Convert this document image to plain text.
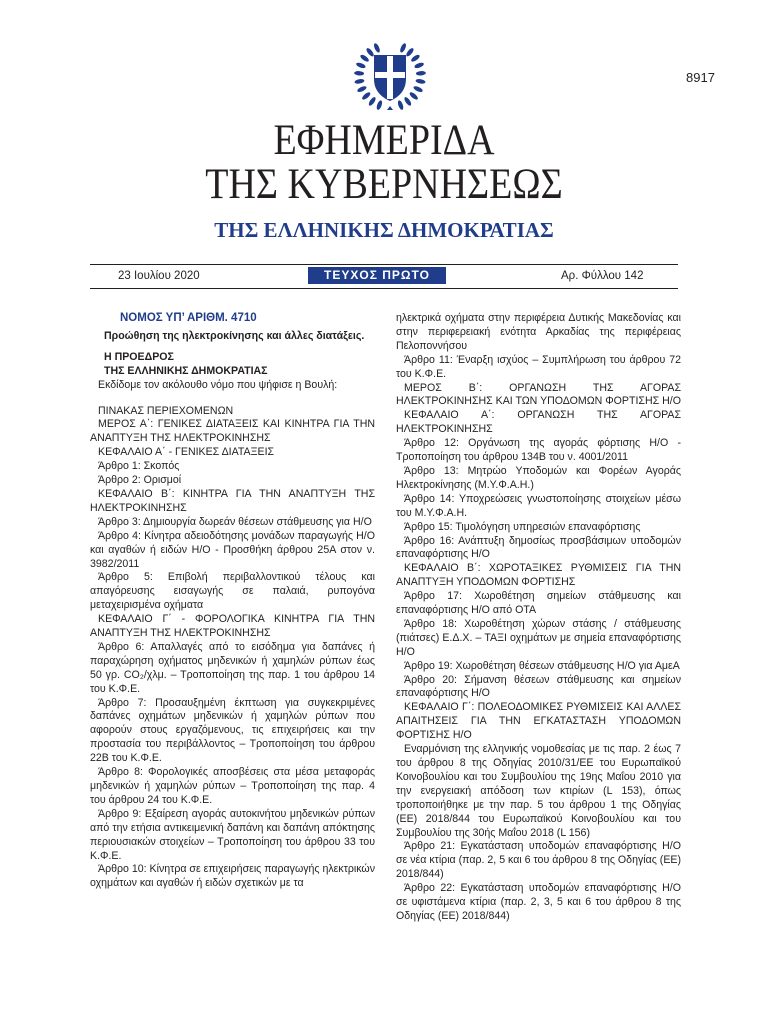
8917
ΕΦΗΜΕΡΙΔΑ
ΤΗΣ ΚΥΒΕΡΝΗΣΕΩΣ
ΤΗΣ ΕΛΛΗΝΙΚΗΣ ΔΗΜΟΚΡΑΤΙΑΣ
23 Ιουλίου 2020	ΤΕΥΧΟΣ ΠΡΩΤΟ	Αρ. Φύλλου 142

ΝΟΜΟΣ ΥΠ’ ΑΡΙΘΜ. 4710

Προώθηση της ηλεκτροκίνησης και άλλες διατάξεις.

Η ΠΡΟΕΔΡΟΣ

ΤΗΣ ΕΛΛΗΝΙΚΗΣ ΔΗΜΟΚΡΑΤΙΑΣ

Εκδίδομε τον ακόλουθο νόμο που ψήφισε η Βουλή:

ΠΙΝΑΚΑΣ ΠΕΡΙΕΧΟΜΕΝΩΝ

ΜΕΡΟΣ Α΄: ΓΕΝΙΚΕΣ ΔΙΑΤΑΞΕΙΣ ΚΑΙ ΚΙΝΗΤΡΑ ΓΙΑ ΤΗΝ ΑΝΑΠΤΥΞΗ ΤΗΣ ΗΛΕΚΤΡΟΚΙΝΗΣΗΣ

ΚΕΦΑΛΑΙΟ Α΄ - ΓΕΝΙΚΕΣ ΔΙΑΤΑΞΕΙΣ

Άρθρο 1: Σκοπός

Άρθρο 2: Ορισμοί

ΚΕΦΑΛΑΙΟ Β΄: ΚΙΝΗΤΡΑ ΓΙΑ ΤΗΝ ΑΝΑΠΤΥΞΗ ΤΗΣ ΗΛΕΚΤΡΟΚΙΝΗΣΗΣ

Άρθρο 3: Δημιουργία δωρεάν θέσεων στάθμευσης για Η/Ο

Άρθρο 4: Κίνητρα αδειοδότησης μονάδων παραγωγής Η/Ο και αγαθών ή ειδών Η/Ο - Προσθήκη άρθρου 25Α στον ν. 3982/2011

Άρθρο 5: Επιβολή περιβαλλοντικού τέλους και απαγόρευσης εισαγωγής σε παλαιά, ρυπογόνα μεταχειρισμένα οχήματα

ΚΕΦΑΛΑΙΟ Γ΄ - ΦΟΡΟΛΟΓΙΚΑ ΚΙΝΗΤΡΑ ΓΙΑ ΤΗΝ ΑΝΑΠΤΥΞΗ ΤΗΣ ΗΛΕΚΤΡΟΚΙΝΗΣΗΣ

Άρθρο 6: Απαλλαγές από το εισόδημα για δαπάνες ή παραχώρηση οχήματος μηδενικών ή χαμηλών ρύπων έως 50 γρ. CO₂/χλμ. – Τροποποίηση της παρ. 1 του άρθρου 14 του Κ.Φ.Ε.

Άρθρο 7: Προσαυξημένη έκπτωση για συγκεκριμένες δαπάνες οχημάτων μηδενικών ή χαμηλών ρύπων που αφορούν στους εργαζόμενους, τις επιχειρήσεις και την προστασία του περιβάλλοντος – Τροποποίηση του άρθρου 22Β του Κ.Φ.Ε.

Άρθρο 8: Φορολογικές αποσβέσεις στα μέσα μεταφοράς μηδενικών ή χαμηλών ρύπων – Τροποποίηση της παρ. 4 του άρθρου 24 του Κ.Φ.Ε.

Άρθρο 9: Εξαίρεση αγοράς αυτοκινήτου μηδενικών ρύπων από την ετήσια αντικειμενική δαπάνη και δαπάνη απόκτησης περιουσιακών στοιχείων – Τροποποίηση του άρθρου 33 του Κ.Φ.Ε.

Άρθρο 10: Κίνητρα σε επιχειρήσεις παραγωγής ηλεκτρικών οχημάτων και αγαθών ή ειδών σχετικών με τα

ηλεκτρικά οχήματα στην περιφέρεια Δυτικής Μακεδονίας και στην περιφερειακή ενότητα Αρκαδίας της περιφέρειας Πελοποννήσου

Άρθρο 11: Έναρξη ισχύος – Συμπλήρωση του άρθρου 72 του Κ.Φ.Ε.

ΜΕΡΟΣ Β΄: ΟΡΓΑΝΩΣΗ ΤΗΣ ΑΓΟΡΑΣ ΗΛΕΚΤΡΟΚΙΝΗΣΗΣ ΚΑΙ ΤΩΝ ΥΠΟΔΟΜΩΝ ΦΟΡΤΙΣΗΣ Η/Ο

ΚΕΦΑΛΑΙΟ Α΄: ΟΡΓΑΝΩΣΗ ΤΗΣ ΑΓΟΡΑΣ ΗΛΕΚΤΡΟΚΙΝΗΣΗΣ

Άρθρο 12: Οργάνωση της αγοράς φόρτισης Η/Ο - Τροποποίηση του άρθρου 134Β του ν. 4001/2011

Άρθρο 13: Μητρώο Υποδομών και Φορέων Αγοράς Ηλεκτροκίνησης (Μ.Υ.Φ.Α.Η.)

Άρθρο 14: Υποχρεώσεις γνωστοποίησης στοιχείων μέσω του Μ.Υ.Φ.Α.Η.

Άρθρο 15: Τιμολόγηση υπηρεσιών επαναφόρτισης

Άρθρο 16: Ανάπτυξη δημοσίως προσβάσιμων υποδομών επαναφόρτισης Η/Ο

ΚΕΦΑΛΑΙΟ Β΄: ΧΩΡΟΤΑΞΙΚΕΣ ΡΥΘΜΙΣΕΙΣ ΓΙΑ ΤΗΝ ΑΝΑΠΤΥΞΗ ΥΠΟΔΟΜΩΝ ΦΟΡΤΙΣΗΣ

Άρθρο 17: Χωροθέτηση σημείων στάθμευσης και επαναφόρτισης Η/Ο από ΟΤΑ

Άρθρο 18: Χωροθέτηση χώρων στάσης / στάθμευσης (πιάτσες) Ε.Δ.Χ. – ΤΑΞΙ οχημάτων με σημεία επαναφόρτισης Η/Ο

Άρθρο 19: Χωροθέτηση θέσεων στάθμευσης Η/Ο για ΑμεΑ

Άρθρο 20: Σήμανση θέσεων στάθμευσης και σημείων επαναφόρτισης Η/Ο

ΚΕΦΑΛΑΙΟ Γ΄: ΠΟΛΕΟΔΟΜΙΚΕΣ ΡΥΘΜΙΣΕΙΣ ΚΑΙ ΑΛΛΕΣ ΑΠΑΙΤΗΣΕΙΣ ΓΙΑ ΤΗΝ ΕΓΚΑΤΑΣΤΑΣΗ ΥΠΟΔΟΜΩΝ ΦΟΡΤΙΣΗΣ Η/Ο

Εναρμόνιση της ελληνικής νομοθεσίας με τις παρ. 2 έως 7 του άρθρου 8 της Οδηγίας 2010/31/ΕΕ του Ευρωπαϊκού Κοινοβουλίου και του Συμβουλίου της 19ης Μαΐου 2010 για την ενεργειακή απόδοση των κτιρίων (L 153), όπως τροποποιήθηκε με την παρ. 5 του άρθρου 1 της Οδηγίας (ΕΕ) 2018/844 του Ευρωπαϊκού Κοινοβουλίου και του Συμβουλίου της 30ής Μαΐου 2018 (L 156)

Άρθρο 21: Εγκατάσταση υποδομών επαναφόρτισης Η/Ο σε νέα κτίρια (παρ. 2, 5 και 6 του άρθρου 8 της Οδηγίας (ΕΕ) 2018/844)

Άρθρο 22: Εγκατάσταση υποδομών επαναφόρτισης Η/Ο σε υφιστάμενα κτίρια (παρ. 2, 3, 5 και 6 του άρθρου 8 της Οδηγίας (ΕΕ) 2018/844)
